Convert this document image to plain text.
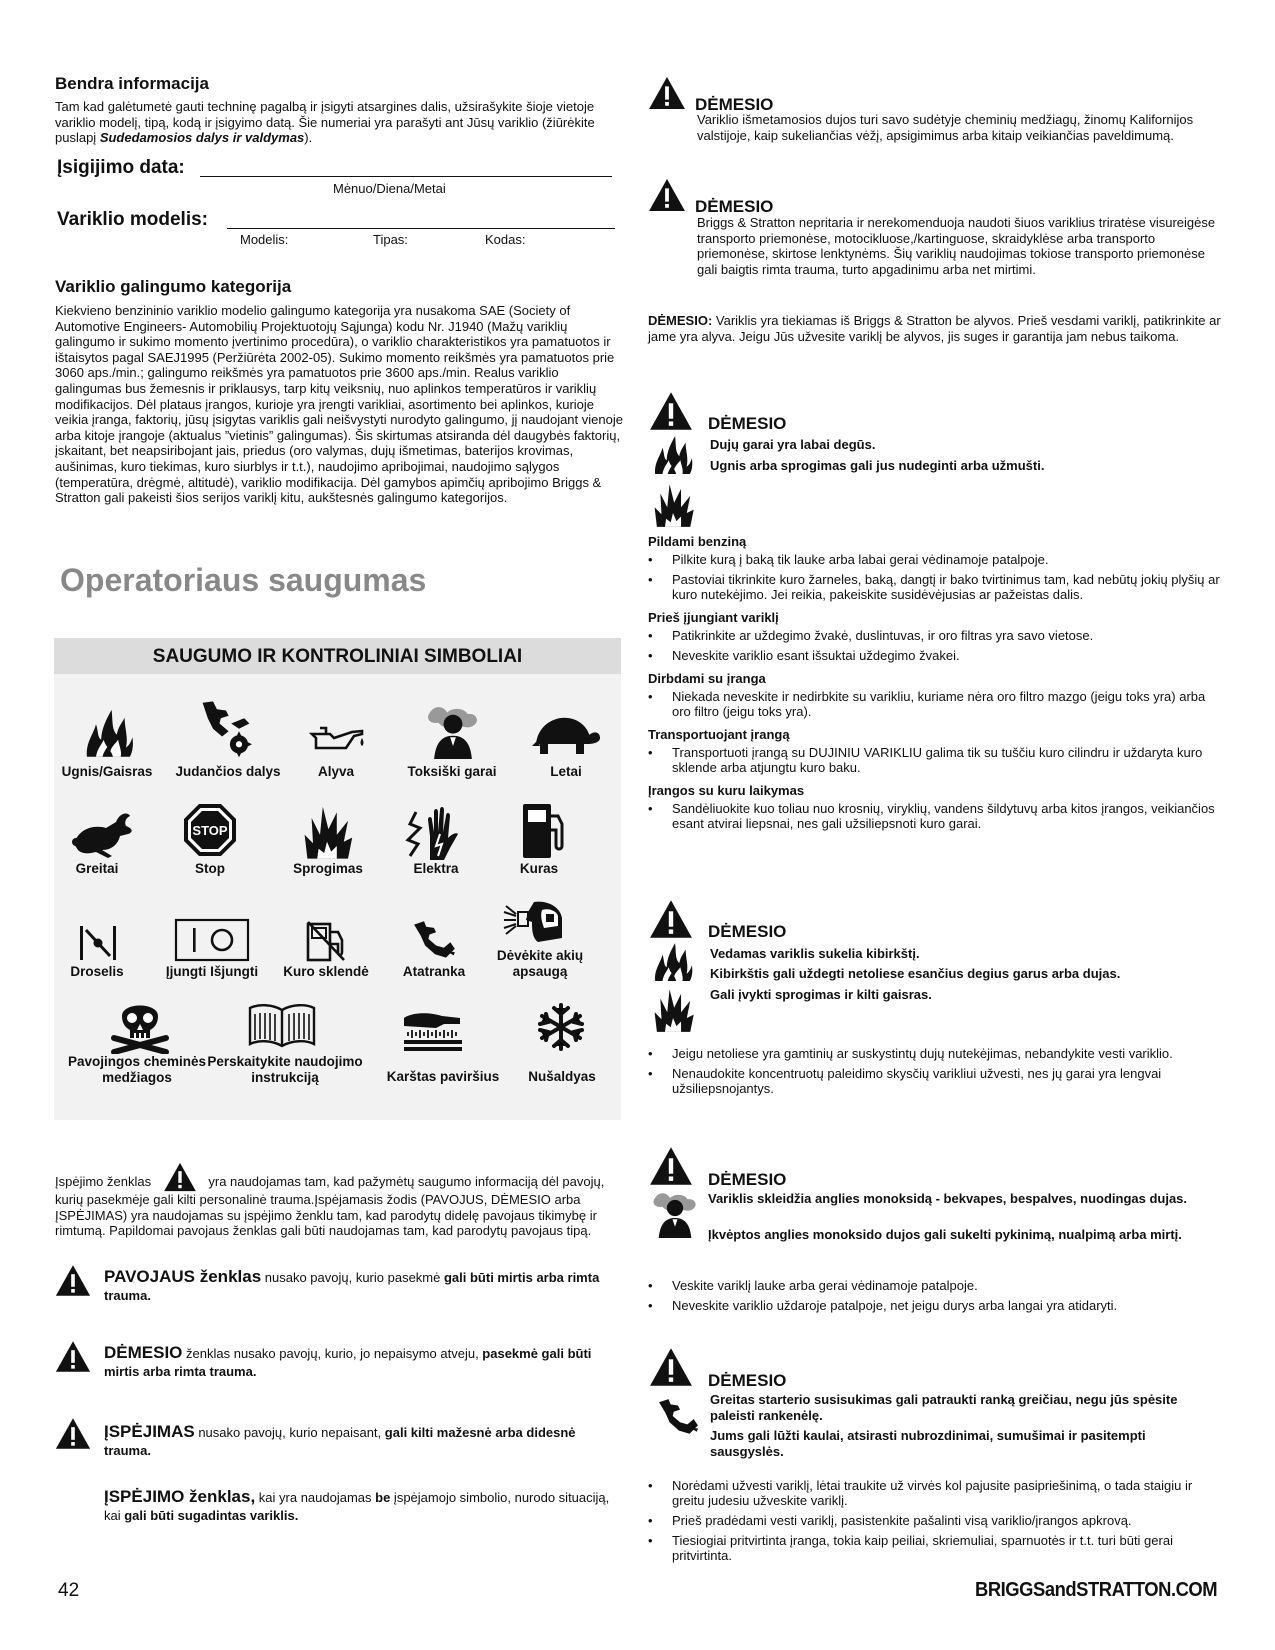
Bendra informacija
Tam kad galėtumetė gauti techninę pagalbą ir įsigyti atsargines dalis, užsirašykite šioje vietoje variklio modelį, tipą, kodą ir įsigyimo datą. Šie numeriai yra parašyti ant Jūsų variklio (žiūrėkite puslapį Sudedamosios dalys ir valdymas).
Įsigijimo data:
Mėnuo/Diena/Metai
Variklio modelis:
Modelis:	Tipas:	Kodas:
Variklio galingumo kategorija
Kiekvieno benzininio variklio modelio galingumo kategorija yra nusakoma SAE (Society of Automotive Engineers- Automobilių Projektuotojų Sąjunga) kodu Nr. J1940 (Mažų variklių galingumo ir sukimo momento įvertinimo procedūra), o variklio charakteristikos yra pamatuotos ir ištaisytos pagal SAEJ1995 (Peržiūrėta 2002-05). Sukimo momento reikšmės yra pamatuotos prie 3060 aps./min.; galingumo reikšmės yra pamatuotos prie 3600 aps./min. Realus variklio galingumas bus žemesnis ir priklausys, tarp kitų veiksnių, nuo aplinkos temperatūros ir variklių modifikacijos. Dėl plataus įrangos, kurioje yra įrengti varikliai, asortimento bei aplinkos, kurioje veikia įranga, faktorių, jūsų įsigytas variklis gali neišvystyti nurodyto galingumo, jį naudojant vienoje arba kitoje įrangoje (aktualus ”vietinis” galingumas). Šis skirtumas atsiranda dėl daugybės faktorių, įskaitant, bet neapsiribojant jais, priedus (oro valymas, dujų išmetimas, baterijos krovimas, aušinimas, kuro tiekimas, kuro siurblys ir t.t.), naudojimo apribojimai, naudojimo sąlygos (temperatūra, drėgmė, altitudė), variklio modifikacija. Dėl gamybos apimčių apribojimo Briggs & Stratton gali pakeisti šios serijos variklį kitu, aukštesnės galingumo kategorijos.
Operatoriaus saugumas
SAUGUMO IR KONTROLINIAI SIMBOLIAI
Ugnis/Gaisras	Judančios dalys	Alyva	Toksiški garai	Letai
STOP
Greitai	Stop	Sprogimas	Elektra	Kuras
Droselis	Įjungti Išjungti	Kuro sklendė	Atatranka
Dėvėkite akių apsaugą
Pavojingos cheminės medžiagos
Perskaitykite naudojimo instrukciją	Karštas paviršius	Nušaldyas
Įspėjimo ženklas	yra naudojamas tam, kad pažymėtų saugumo informaciją dėl pavojų, kurių pasekmėje gali kilti personalinė trauma.Įspėjamasis žodis (PAVOJUS, DĖMESIO arba ĮSPĖJIMAS) yra naudojamas su įspėjimo ženklu tam, kad parodytų didelę pavojaus tikimybę ir rimtumą. Papildomai pavojaus ženklas gali būti naudojamas tam, kad parodytų pavojaus tipą.
PAVOJAUS ženklas nusako pavojų, kurio pasekmė gali būti mirtis arba rimta trauma.
DĖMESIO ženklas nusako pavojų, kurio, jo nepaisymo atveju, pasekmė gali būti mirtis arba rimta trauma.
ĮSPĖJIMAS nusako pavojų, kurio nepaisant, gali kilti mažesnė arba didesnė trauma.
ĮSPĖJIMO ženklas, kai yra naudojamas be įspėjamojo simbolio, nurodo situaciją, kai gali būti sugadintas variklis.
DĖMESIO
Variklio išmetamosios dujos turi savo sudėtyje cheminių medžiagų, žinomų Kalifornijos valstijoje, kaip sukeliančias vėžį, apsigimimus arba kitaip veikiančias paveldimumą.
DĖMESIO
Briggs & Stratton nepritaria ir nerekomenduoja naudoti šiuos variklius triratėse visureigėse transporto priemonėse, motocikluose,/kartinguose, skraidyklėse arba transporto priemonėse, skirtose lenktynėms. Šių variklių naudojimas tokiose transporto priemonėse gali baigtis rimta trauma, turto apgadinimu arba net mirtimi.
DĖMESIO: Variklis yra tiekiamas iš Briggs & Stratton be alyvos. Prieš vesdami variklį, patikrinkite ar jame yra alyva. Jeigu Jūs užvesite variklį be alyvos, jis suges ir garantija jam nebus taikoma.
DĖMESIO
Dujų garai yra labai degūs.
Ugnis arba sprogimas gali jus nudeginti arba užmušti.
Pildami benziną
• Pilkite kurą į baką tik lauke arba labai gerai vėdinamoje patalpoje.
• Pastoviai tikrinkite kuro žarneles, baką, dangtį ir bako tvirtinimus tam, kad nebūtų jokių plyšių ar kuro nutekėjimo. Jei reikia, pakeiskite susidėvėjusias ar pažeistas dalis.
Prieš įjungiant variklį
• Patikrinkite ar uždegimo žvakė, duslintuvas, ir oro filtras yra savo vietose.
• Neveskite variklio esant išsuktai uždegimo žvakei.
Dirbdami su įranga
• Niekada neveskite ir nedirbkite su varikliu, kuriame nėra oro filtro mazgo (jeigu toks yra) arba oro filtro (jeigu toks yra).
Transportuojant įrangą
• Transportuoti įrangą su DUJINIU VARIKLIU galima tik su tuščiu kuro cilindru ir uždaryta kuro sklende arba atjungtu kuro baku.
Įrangos su kuru laikymas
• Sandėliuokite kuo toliau nuo krosnių, viryklių, vandens šildytuvų arba kitos įrangos, veikiančios esant atvirai liepsnai, nes gali užsiliepsnoti kuro garai.
DĖMESIO
Vedamas variklis sukelia kibirkštį.
Kibirkštis gali uždegti netoliese esančius degius garus arba dujas.
Gali įvykti sprogimas ir kilti gaisras.
• Jeigu netoliese yra gamtinių ar suskystintų dujų nutekėjimas, nebandykite vesti variklio.
• Nenaudokite koncentruotų paleidimo skysčių varikliui užvesti, nes jų garai yra lengvai užsiliepsnojantys.
DĖMESIO
Variklis skleidžia anglies monoksidą - bekvapes, bespalves, nuodingas dujas.
Įkvėptos anglies monoksido dujos gali sukelti pykinimą, nualpimą arba mirtį.
• Veskite variklį lauke arba gerai vėdinamoje patalpoje.
• Neveskite variklio uždaroje patalpoje, net jeigu durys arba langai yra atidaryti.
DĖMESIO
Greitas starterio susisukimas gali patraukti ranką greičiau, negu jūs spėsite paleisti rankenėlę.
Jums gali lūžti kaulai, atsirasti nubrozdinimai, sumušimai ir pasitempti sausgyslės.
• Norėdami užvesti variklį, lėtai traukite už virvės kol pajusite pasipriešinimą, o tada staigiu ir greitu judesiu užveskite variklį.
• Prieš pradėdami vesti variklį, pasistenkite pašalinti visą variklio/įrangos apkrovą.
• Tiesiogiai pritvirtinta įranga, tokia kaip peiliai, skriemuliai, sparnuotės ir t.t. turi būti gerai pritvirtinta.
42	BRIGGSandSTRATTON.COM
